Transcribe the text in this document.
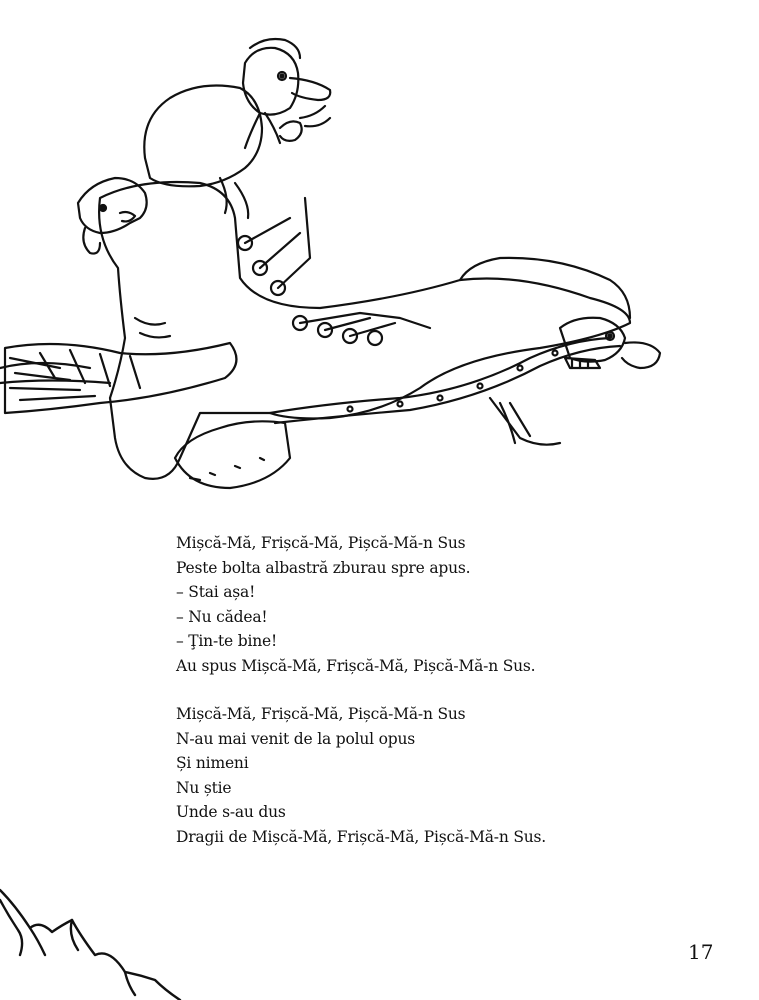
Mișcă-Mă, Frișcă-Mă, Pișcă-Mă-n Sus
Peste bolta albastră zburau spre apus.
– Stai așa!
– Nu cădea!
– Ţin-te bine!
Au spus Mișcă-Mă, Frișcă-Mă, Pișcă-Mă-n Sus.
Mișcă-Mă, Frișcă-Mă, Pișcă-Mă-n Sus
N-au mai venit de la polul opus
Și nimeni
Nu știe
Unde s-au dus
Dragii de Mișcă-Mă, Frișcă-Mă, Pișcă-Mă-n Sus.
17
